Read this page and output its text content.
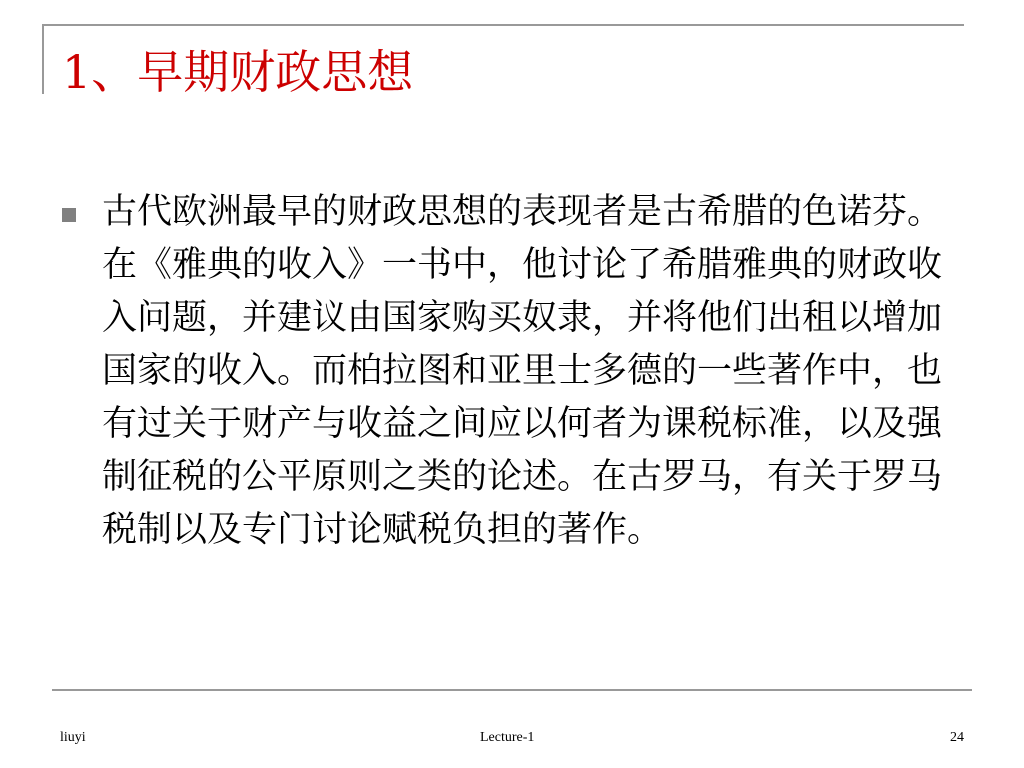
1、早期财政思想

古代欧洲最早的财政思想的表现者是古希腊的色诺芬。在《雅典的收入》一书中，他讨论了希腊雅典的财政收入问题，并建议由国家购买奴隶，并将他们出租以增加国家的收入。而柏拉图和亚里士多德的一些著作中，也有过关于财产与收益之间应以何者为课税标准，以及强制征税的公平原则之类的论述。在古罗马，有关于罗马税制以及专门讨论赋税负担的著作。

liuyi	Lecture-1	24
